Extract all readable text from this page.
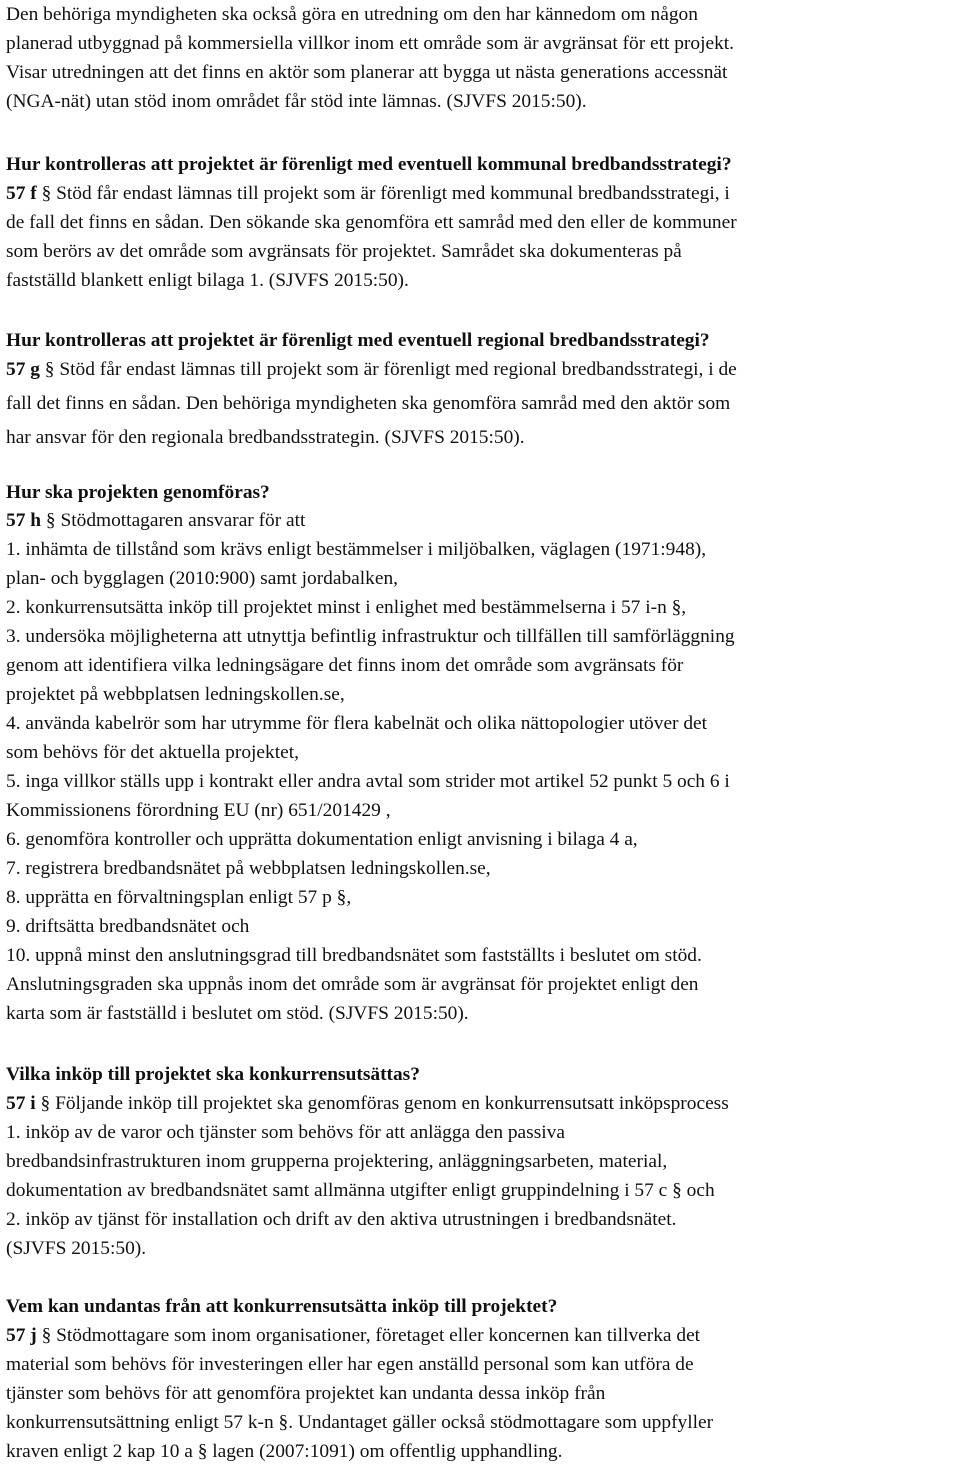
Den behöriga myndigheten ska också göra en utredning om den har kännedom om någon
planerad utbyggnad på kommersiella villkor inom ett område som är avgränsat för ett projekt.
Visar utredningen att det finns en aktör som planerar att bygga ut nästa generations accessnät
(NGA-nät) utan stöd inom området får stöd inte lämnas. (SJVFS 2015:50).
Hur kontrolleras att projektet är förenligt med eventuell kommunal bredbandsstrategi?
57 f § Stöd får endast lämnas till projekt som är förenligt med kommunal bredbandsstrategi, i
de fall det finns en sådan. Den sökande ska genomföra ett samråd med den eller de kommuner
som berörs av det område som avgränsats för projektet. Samrådet ska dokumenteras på
fastställd blankett enligt bilaga 1. (SJVFS 2015:50).
Hur kontrolleras att projektet är förenligt med eventuell regional bredbandsstrategi?
57 g § Stöd får endast lämnas till projekt som är förenligt med regional bredbandsstrategi, i de
fall det finns en sådan. Den behöriga myndigheten ska genomföra samråd med den aktör som
har ansvar för den regionala bredbandsstrategin. (SJVFS 2015:50).
Hur ska projekten genomföras?
57 h § Stödmottagaren ansvarar för att
1. inhämta de tillstånd som krävs enligt bestämmelser i miljöbalken, väglagen (1971:948),
plan- och bygglagen (2010:900) samt jordabalken,
2. konkurrensutsätta inköp till projektet minst i enlighet med bestämmelserna i 57 i-n §,
3. undersöka möjligheterna att utnyttja befintlig infrastruktur och tillfällen till samförläggning
genom att identifiera vilka ledningsägare det finns inom det område som avgränsats för
projektet på webbplatsen ledningskollen.se,
4. använda kabelrör som har utrymme för flera kabelnät och olika nättopologier utöver det
som behövs för det aktuella projektet,
5. inga villkor ställs upp i kontrakt eller andra avtal som strider mot artikel 52 punkt 5 och 6 i
Kommissionens förordning EU (nr) 651/201429 ,
6. genomföra kontroller och upprätta dokumentation enligt anvisning i bilaga 4 a,
7. registrera bredbandsnätet på webbplatsen ledningskollen.se,
8. upprätta en förvaltningsplan enligt 57 p §,
9. driftsätta bredbandsnätet och
10. uppnå minst den anslutningsgrad till bredbandsnätet som fastställts i beslutet om stöd.
Anslutningsgraden ska uppnås inom det område som är avgränsat för projektet enligt den
karta som är fastställd i beslutet om stöd. (SJVFS 2015:50).
Vilka inköp till projektet ska konkurrensutsättas?
57 i § Följande inköp till projektet ska genomföras genom en konkurrensutsatt inköpsprocess
1. inköp av de varor och tjänster som behövs för att anlägga den passiva
bredbandsinfrastrukturen inom grupperna projektering, anläggningsarbeten, material,
dokumentation av bredbandsnätet samt allmänna utgifter enligt gruppindelning i 57 c § och
2. inköp av tjänst för installation och drift av den aktiva utrustningen i bredbandsnätet.
(SJVFS 2015:50).
Vem kan undantas från att konkurrensutsätta inköp till projektet?
57 j § Stödmottagare som inom organisationer, företaget eller koncernen kan tillverka det
material som behövs för investeringen eller har egen anställd personal som kan utföra de
tjänster som behövs för att genomföra projektet kan undanta dessa inköp från
konkurrensutsättning enligt 57 k-n §. Undantaget gäller också stödmottagare som uppfyller
kraven enligt 2 kap 10 a § lagen (2007:1091) om offentlig upphandling.
